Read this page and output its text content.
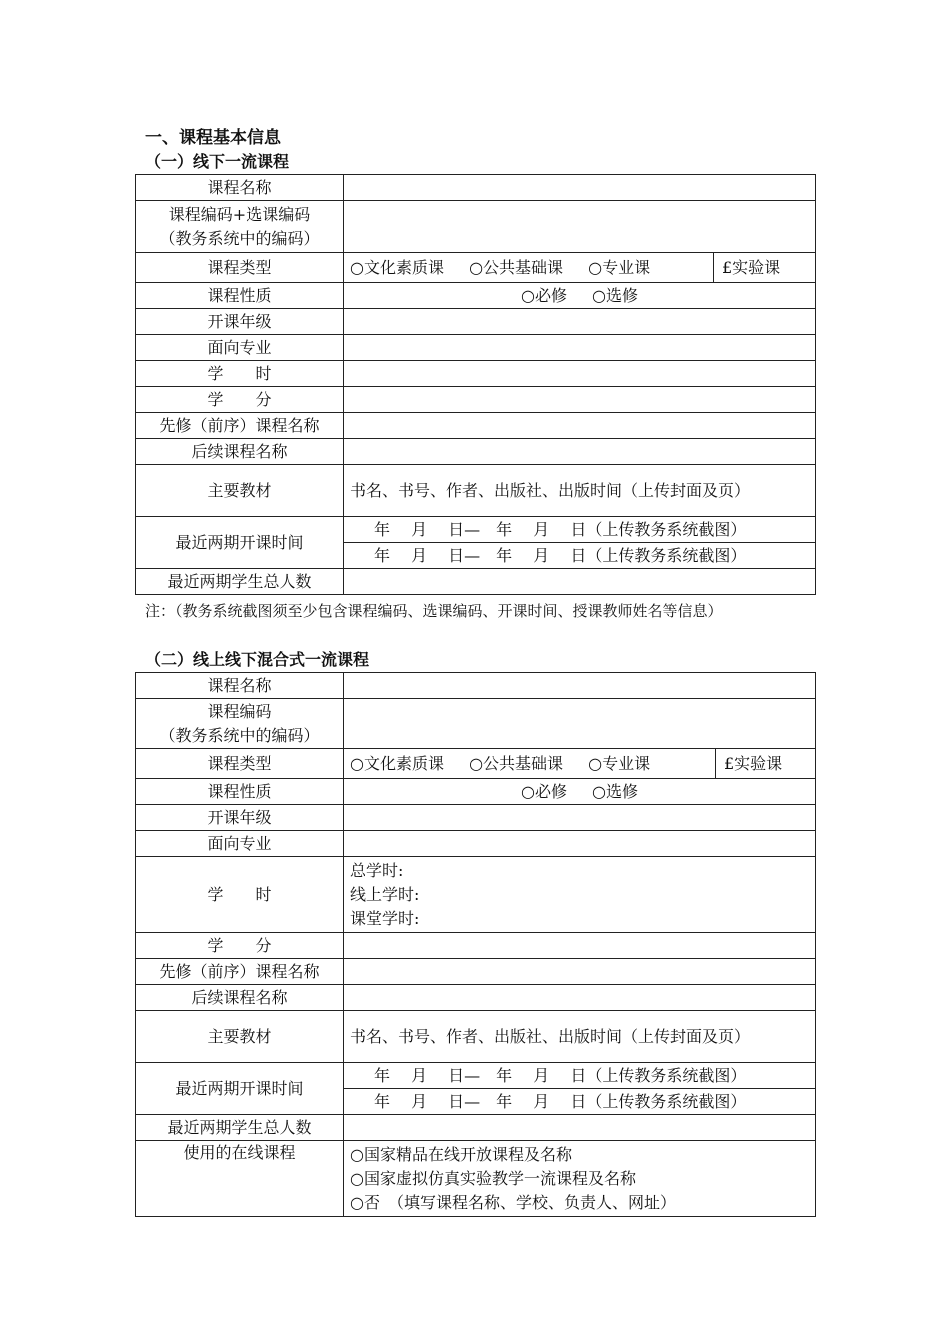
一、课程基本信息
（一）线下一流课程
课程名称		

课程编码+选课编码
（教务系统中的编码）		

课程类型	○文化素质课 ○公共基础课 ○专业课	£实验课
课程性质	○必修 ○选修	
开课年级		
面向专业		
学　　时		
学　　分		
先修（前序）课程名称		
后续课程名称		
主要教材	书名、书号、作者、出版社、出版时间（上传封面及页）	
最近两期开课时间	年　 月　 日—　年　 月　 日（上传教务系统截图）	

	年　 月　 日—　年　 月　 日（上传教务系统截图）	

最近两期学生总人数		
注：（教务系统截图须至少包含课程编码、选课编码、开课时间、授课教师姓名等信息）
（二）线上线下混合式一流课程
课程名称		

课程编码
（教务系统中的编码）		

课程类型	○文化素质课 ○公共基础课 ○专业课	£实验课
课程性质	○必修 ○选修	
开课年级		
面向专业		
学　　时	总学时:
线上学时:
课堂学时:	

学　　分		
先修（前序）课程名称		
后续课程名称		
主要教材	书名、书号、作者、出版社、出版时间（上传封面及页）	
最近两期开课时间	年　 月　 日—　年　 月　 日（上传教务系统截图）	

	年　 月　 日—　年　 月　 日（上传教务系统截图）	

最近两期学生总人数		
使用的在线课程	○国家精品在线开放课程及名称
○国家虚拟仿真实验教学一流课程及名称
○否　（填写课程名称、学校、负责人、网址）	
